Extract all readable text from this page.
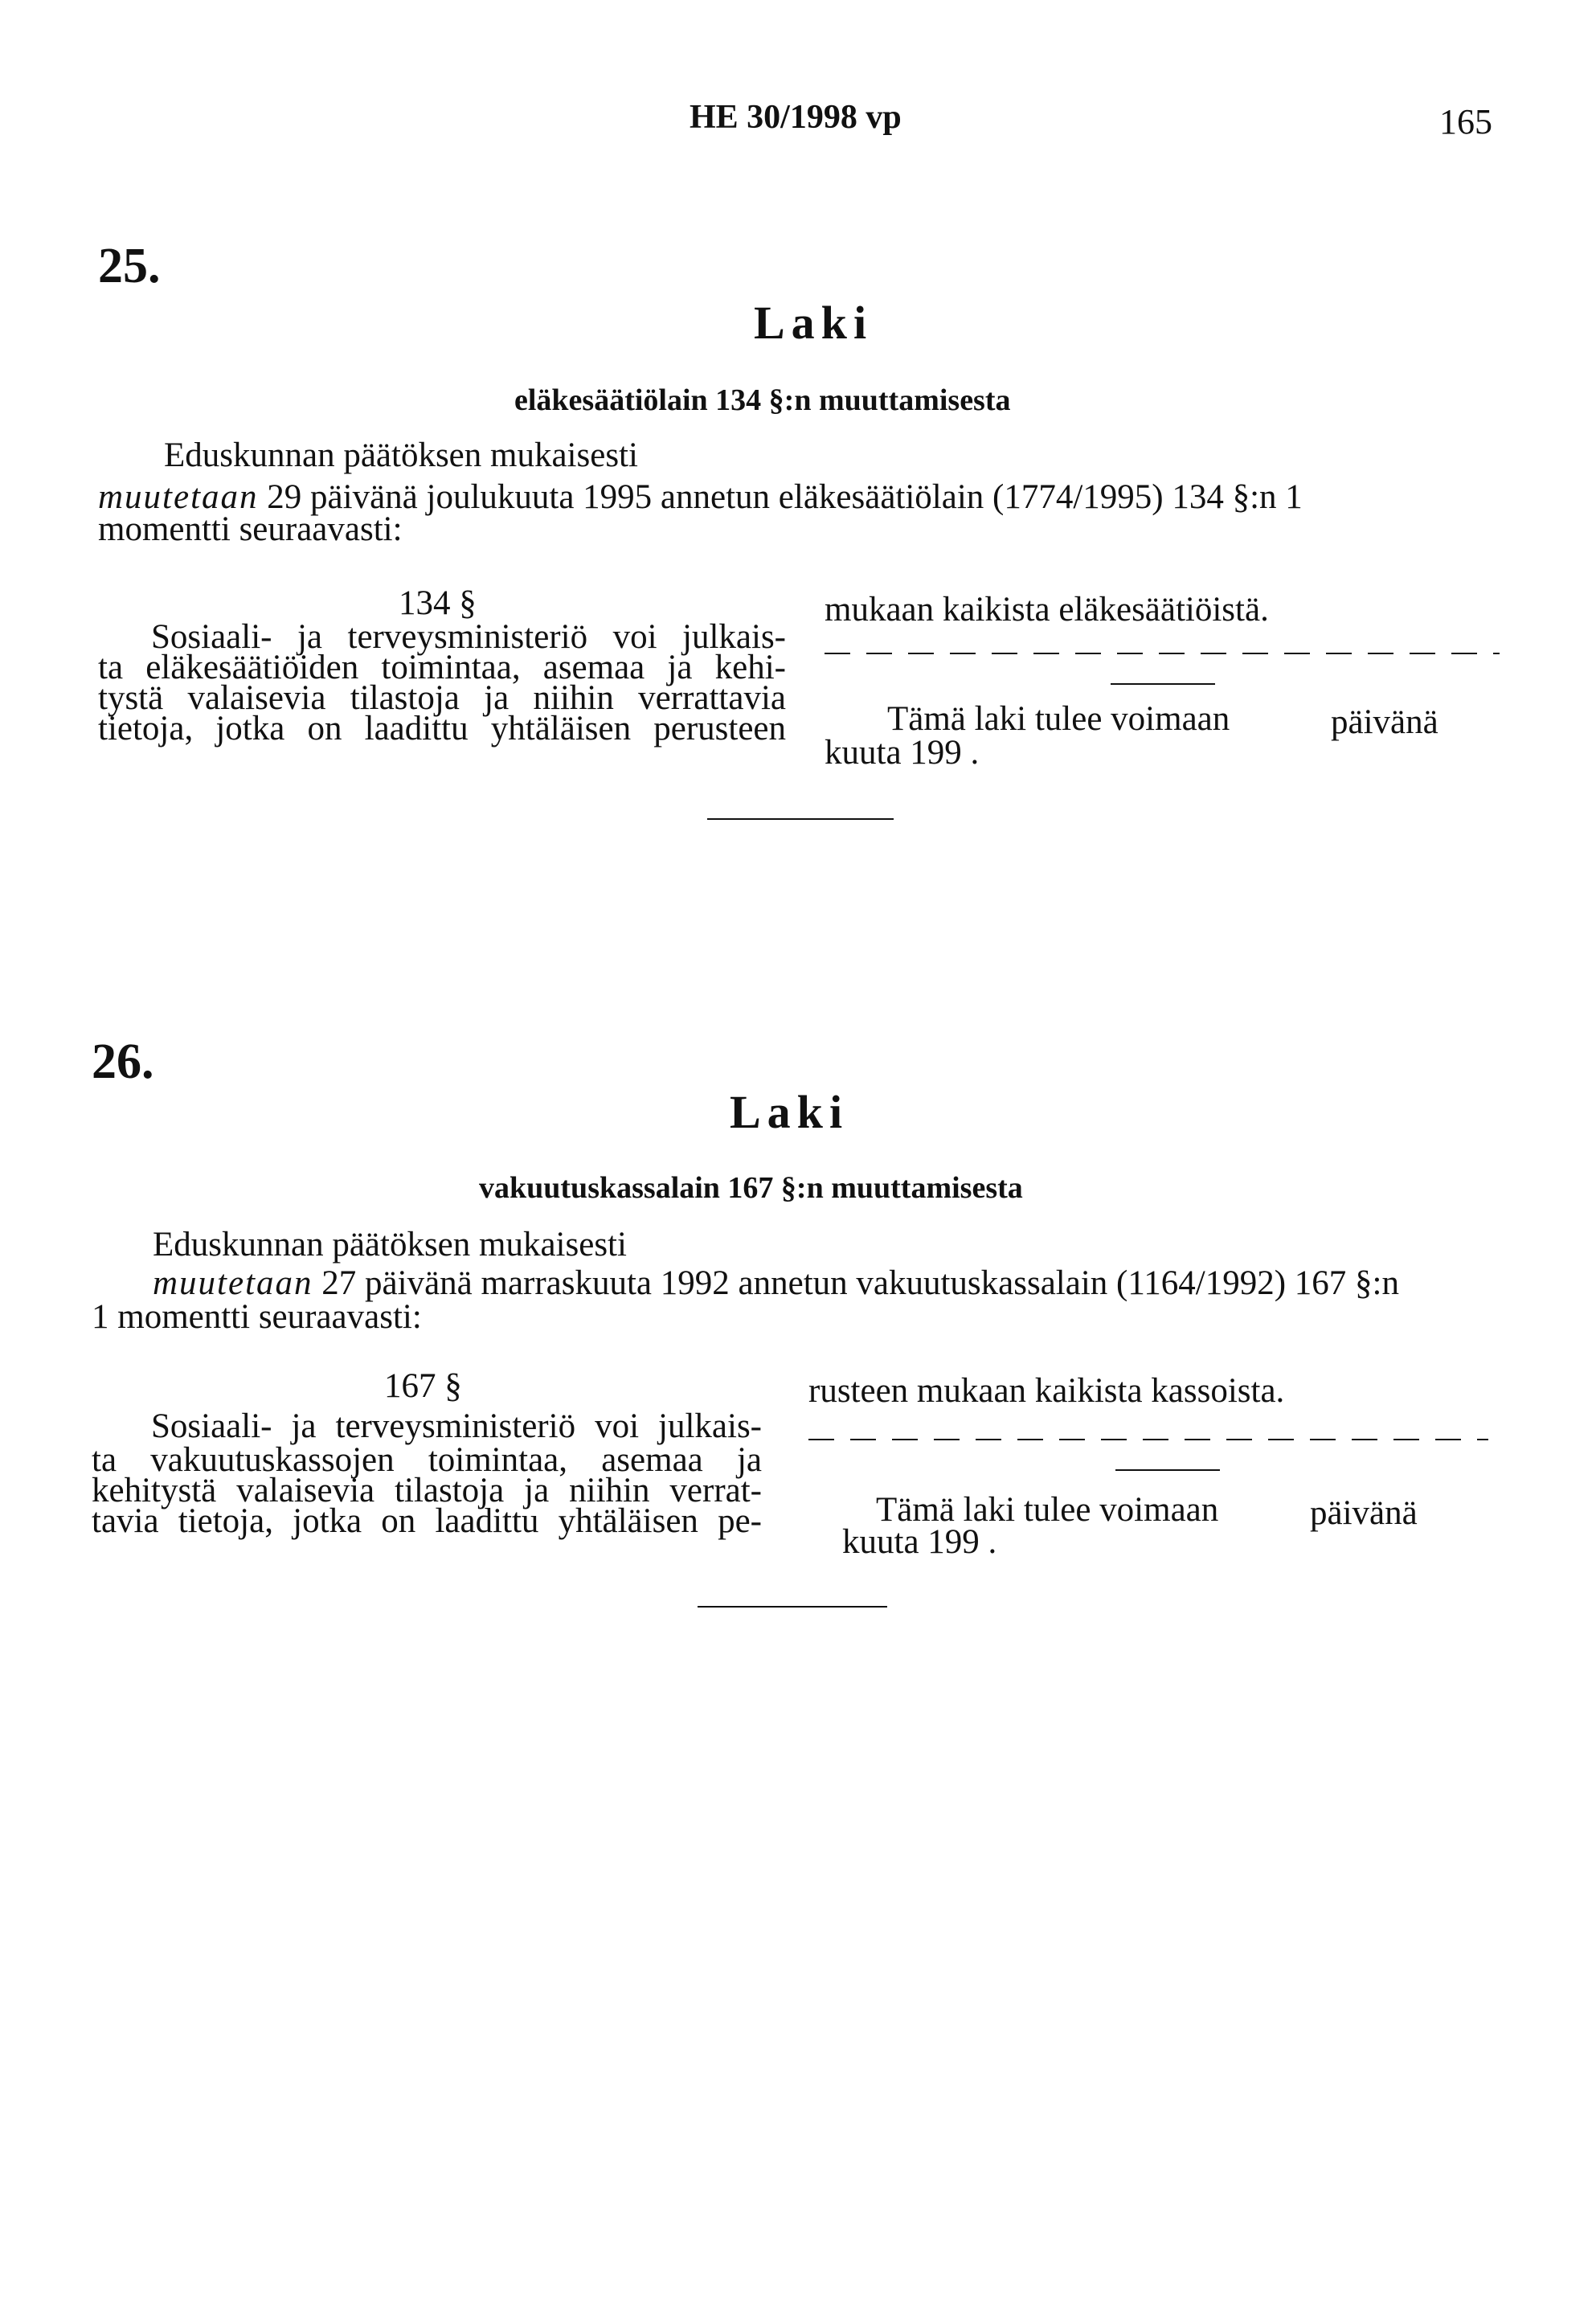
HE 30/1998 vp	165
25.
Laki
eläkesäätiölain 134 §:n muuttamisesta
Eduskunnan päätöksen mukaisesti
muutetaan 29 päivänä joulukuuta 1995 annetun eläkesäätiölain (1774/1995) 134 §:n 1
momentti seuraavasti:
134 §
Sosiaali- ja terveysministeriö voi julkais-
ta eläkesäätiöiden toimintaa, asemaa ja kehi-
tystä valaisevia tilastoja ja niihin verrattavia
tietoja, jotka on laadittu yhtäläisen perusteen
mukaan kaikista eläkesäätiöistä.
Tämä laki tulee voimaan	päivänä
kuuta 199 .
26.
Laki
vakuutuskassalain 167 §:n muuttamisesta
Eduskunnan päätöksen mukaisesti
muutetaan 27 päivänä marraskuuta 1992 annetun vakuutuskassalain (1164/1992) 167 §:n
1 momentti seuraavasti:
167 §
Sosiaali- ja terveysministeriö voi julkais-
ta vakuutuskassojen toimintaa, asemaa ja
kehitystä valaisevia tilastoja ja niihin verrat-
tavia tietoja, jotka on laadittu yhtäläisen pe-
rusteen mukaan kaikista kassoista.
Tämä laki tulee voimaan	päivänä
kuuta 199 .
